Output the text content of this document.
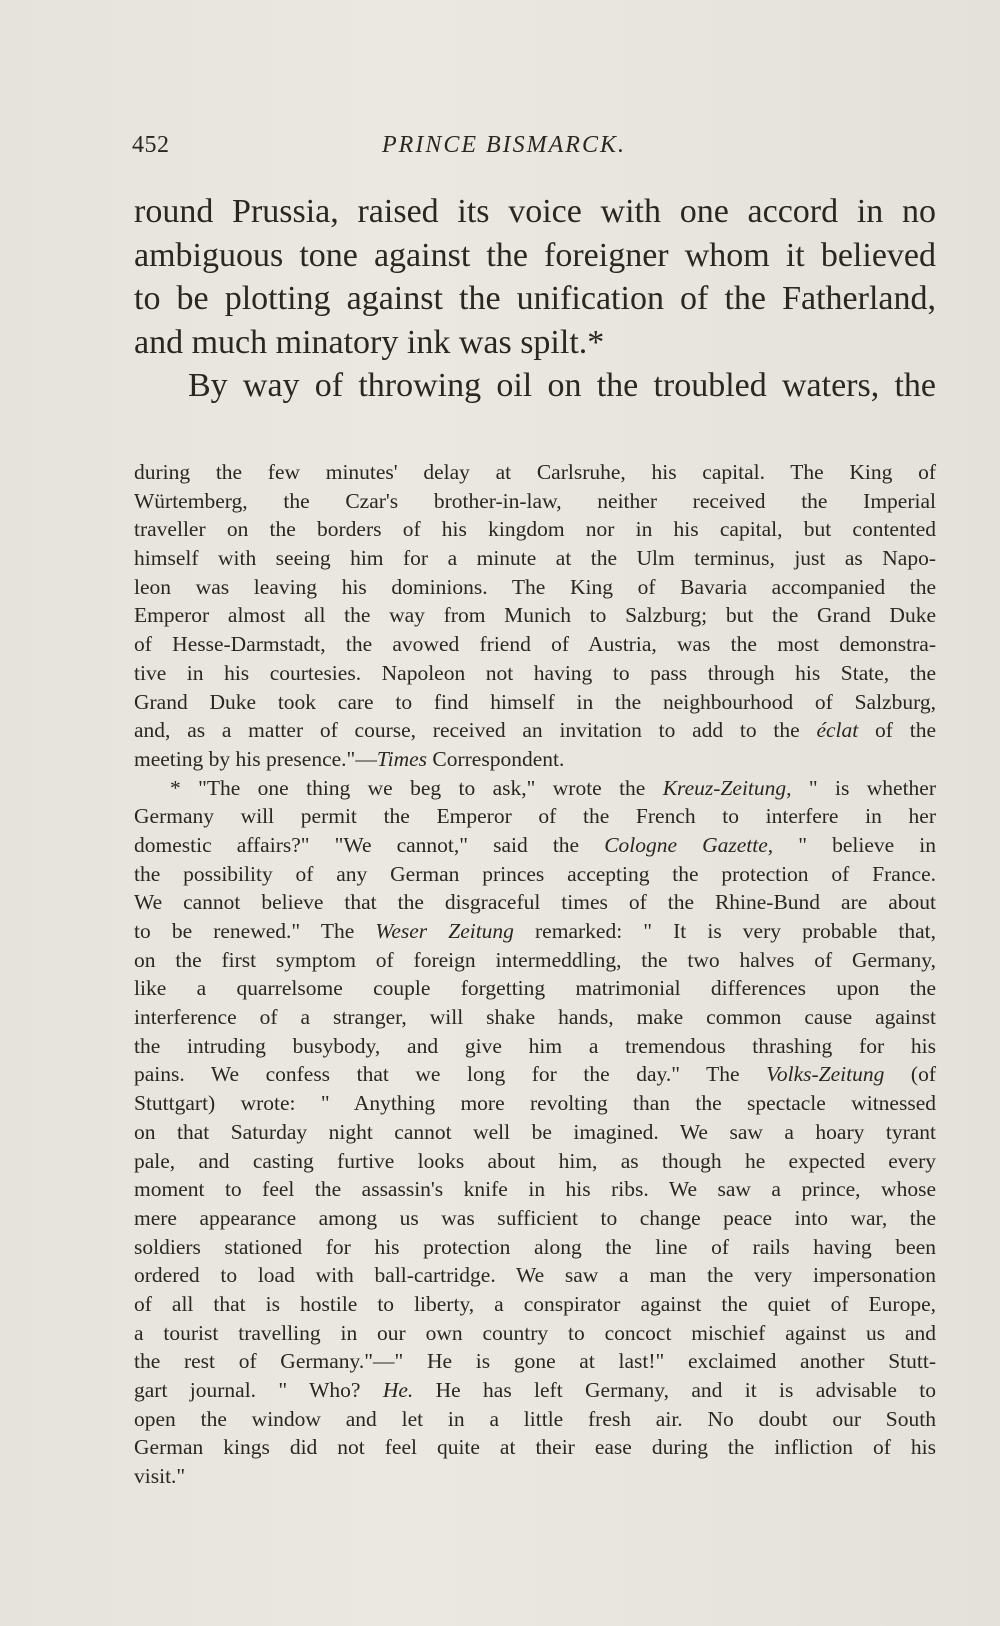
452	PRINCE BISMARCK.
round Prussia, raised its voice with one accord in no
ambiguous tone against the foreigner whom it believed
to be plotting against the unification of the Fatherland,
and much minatory ink was spilt.*
By way of throwing oil on the troubled waters, the
during the few minutes' delay at Carlsruhe, his capital. The King of
Würtemberg, the Czar's brother-in-law, neither received the Imperial
traveller on the borders of his kingdom nor in his capital, but contented
himself with seeing him for a minute at the Ulm terminus, just as Napo-
leon was leaving his dominions. The King of Bavaria accompanied the
Emperor almost all the way from Munich to Salzburg; but the Grand Duke
of Hesse-Darmstadt, the avowed friend of Austria, was the most demonstra-
tive in his courtesies. Napoleon not having to pass through his State, the
Grand Duke took care to find himself in the neighbourhood of Salzburg,
and, as a matter of course, received an invitation to add to the éclat of the
meeting by his presence."—Times Correspondent.
* "The one thing we beg to ask," wrote the Kreuz-Zeitung, " is whether
Germany will permit the Emperor of the French to interfere in her
domestic affairs?" "We cannot," said the Cologne Gazette, " believe in
the possibility of any German princes accepting the protection of France.
We cannot believe that the disgraceful times of the Rhine-Bund are about
to be renewed." The Weser Zeitung remarked: " It is very probable that,
on the first symptom of foreign intermeddling, the two halves of Germany,
like a quarrelsome couple forgetting matrimonial differences upon the
interference of a stranger, will shake hands, make common cause against
the intruding busybody, and give him a tremendous thrashing for his
pains. We confess that we long for the day." The Volks-Zeitung (of
Stuttgart) wrote: " Anything more revolting than the spectacle witnessed
on that Saturday night cannot well be imagined. We saw a hoary tyrant
pale, and casting furtive looks about him, as though he expected every
moment to feel the assassin's knife in his ribs. We saw a prince, whose
mere appearance among us was sufficient to change peace into war, the
soldiers stationed for his protection along the line of rails having been
ordered to load with ball-cartridge. We saw a man the very impersonation
of all that is hostile to liberty, a conspirator against the quiet of Europe,
a tourist travelling in our own country to concoct mischief against us and
the rest of Germany."—" He is gone at last!" exclaimed another Stutt-
gart journal. " Who? He. He has left Germany, and it is advisable to
open the window and let in a little fresh air. No doubt our South
German kings did not feel quite at their ease during the infliction of his
visit."
